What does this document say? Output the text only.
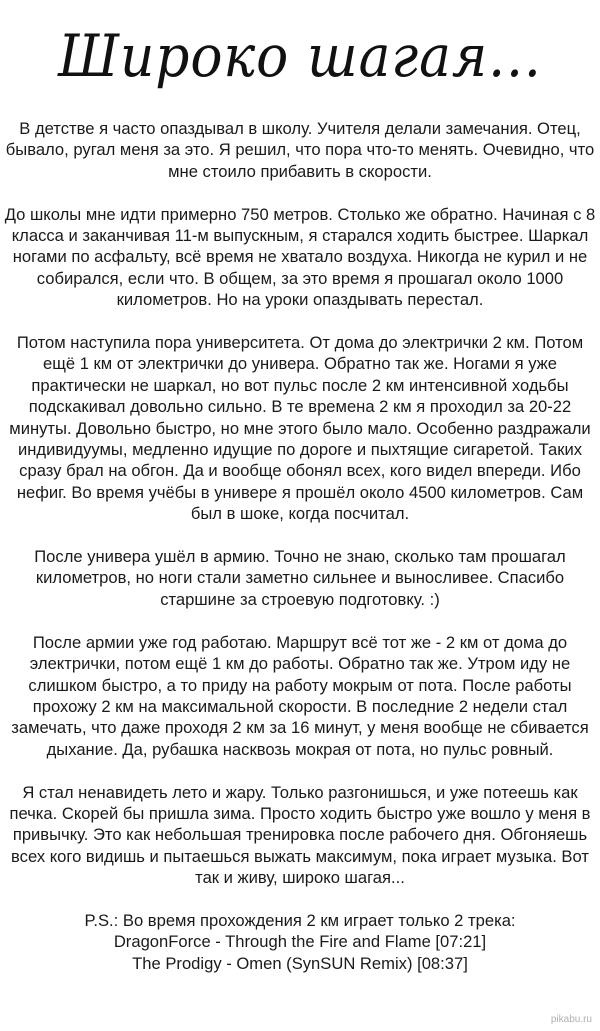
Широко шагая...

В детстве я часто опаздывал в школу. Учителя делали замечания. Отец, бывало, ругал меня за это. Я решил, что пора что-то менять. Очевидно, что мне стоило прибавить в скорости.

До школы мне идти примерно 750 метров. Столько же обратно. Начиная с 8 класса и заканчивая 11-м выпускным, я старался ходить быстрее. Шаркал ногами по асфальту, всё время не хватало воздуха. Никогда не курил и не собирался, если что. В общем, за это время я прошагал около 1000 километров. Но на уроки опаздывать перестал.

Потом наступила пора университета. От дома до электрички 2 км. Потом ещё 1 км от электрички до универа. Обратно так же. Ногами я уже практически не шаркал, но вот пульс после 2 км интенсивной ходьбы подскакивал довольно сильно. В те времена 2 км я проходил за 20-22 минуты. Довольно быстро, но мне этого было мало. Особенно раздражали индивидуумы, медленно идущие по дороге и пыхтящие сигаретой. Таких сразу брал на обгон. Да и вообще обонял всех, кого видел впереди. Ибо нефиг. Во время учёбы в универе я прошёл около 4500 километров. Сам был в шоке, когда посчитал.

После универа ушёл в армию. Точно не знаю, сколько там прошагал километров, но ноги стали заметно сильнее и выносливее. Спасибо старшине за строевую подготовку. :)

После армии уже год работаю. Маршрут всё тот же - 2 км от дома до электрички, потом ещё 1 км до работы. Обратно так же. Утром иду не слишком быстро, а то приду на работу мокрым от пота. После работы прохожу 2 км на максимальной скорости. В последние 2 недели стал замечать, что даже проходя 2 км за 16 минут, у меня вообще не сбивается дыхание. Да, рубашка насквозь мокрая от пота, но пульс ровный.

Я стал ненавидеть лето и жару. Только разгонишься, и уже потеешь как печка. Скорей бы пришла зима. Просто ходить быстро уже вошло у меня в привычку. Это как небольшая тренировка после рабочего дня. Обгоняешь всех кого видишь и пытаешься выжать максимум, пока играет музыка. Вот так и живу, широко шагая...

P.S.: Во время прохождения 2 км играет только 2 трека:
DragonForce - Through the Fire and Flame [07:21]
The Prodigy - Omen (SynSUN Remix) [08:37]
pikabu.ru
